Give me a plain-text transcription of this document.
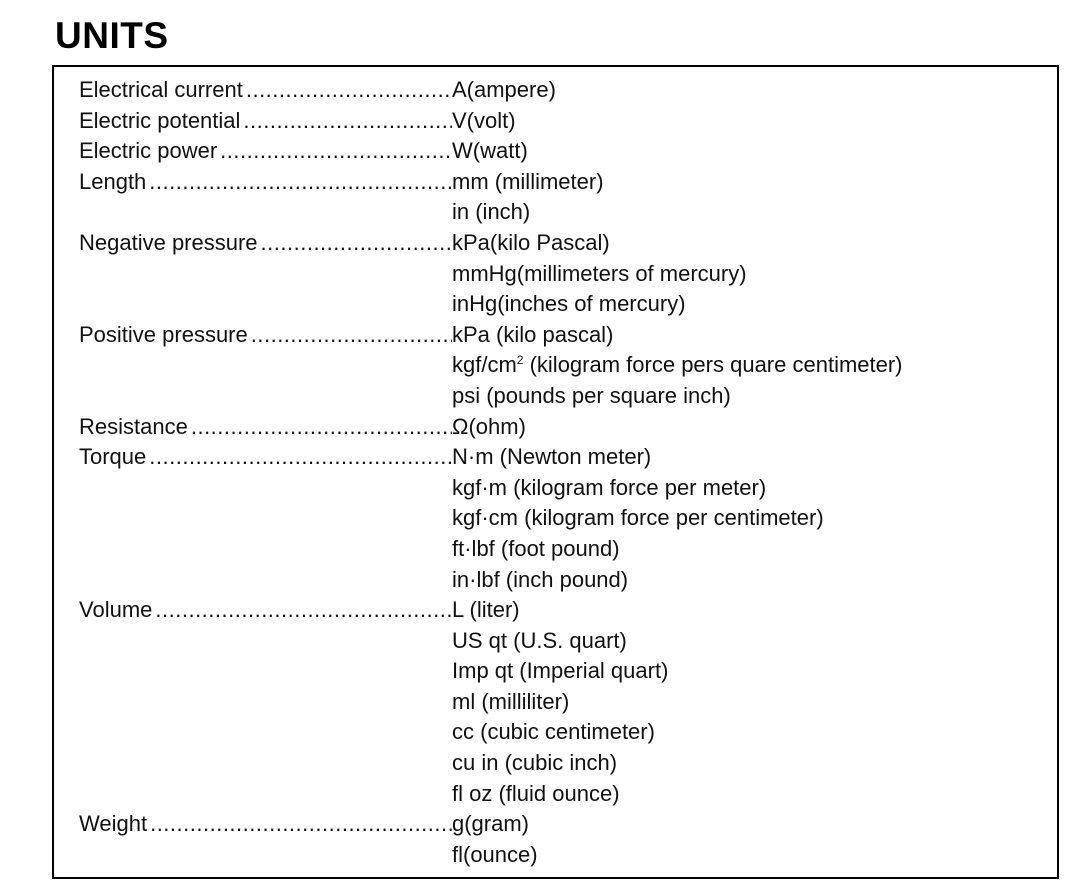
UNITS
Electrical current .....	A(ampere)
Electric potential .....	V(volt)
Electric power .....	W(watt)
Length .....	mm (millimeter)
in (inch)
Negative pressure .....	kPa(kilo Pascal)
mmHg(millimeters of mercury)
inHg(inches of mercury)
Positive pressure .....	kPa (kilo pascal)
kgf/$cm^2$ (kilogram force pers quare centimeter)
psi (pounds per square inch)
Resistance .....	Ω(ohm)
Torque .....	N·m (Newton meter)
kgf·m (kilogram force per meter)
kgf·cm (kilogram force per centimeter)
ft·lbf (foot pound)
in·lbf (inch pound)
Volume .....	L (liter)
US qt (U.S. quart)
Imp qt (Imperial quart)
ml (milliliter)
cc (cubic centimeter)
cu in (cubic inch)
fl oz (fluid ounce)
Weight .....	g(gram)
fl(ounce)
